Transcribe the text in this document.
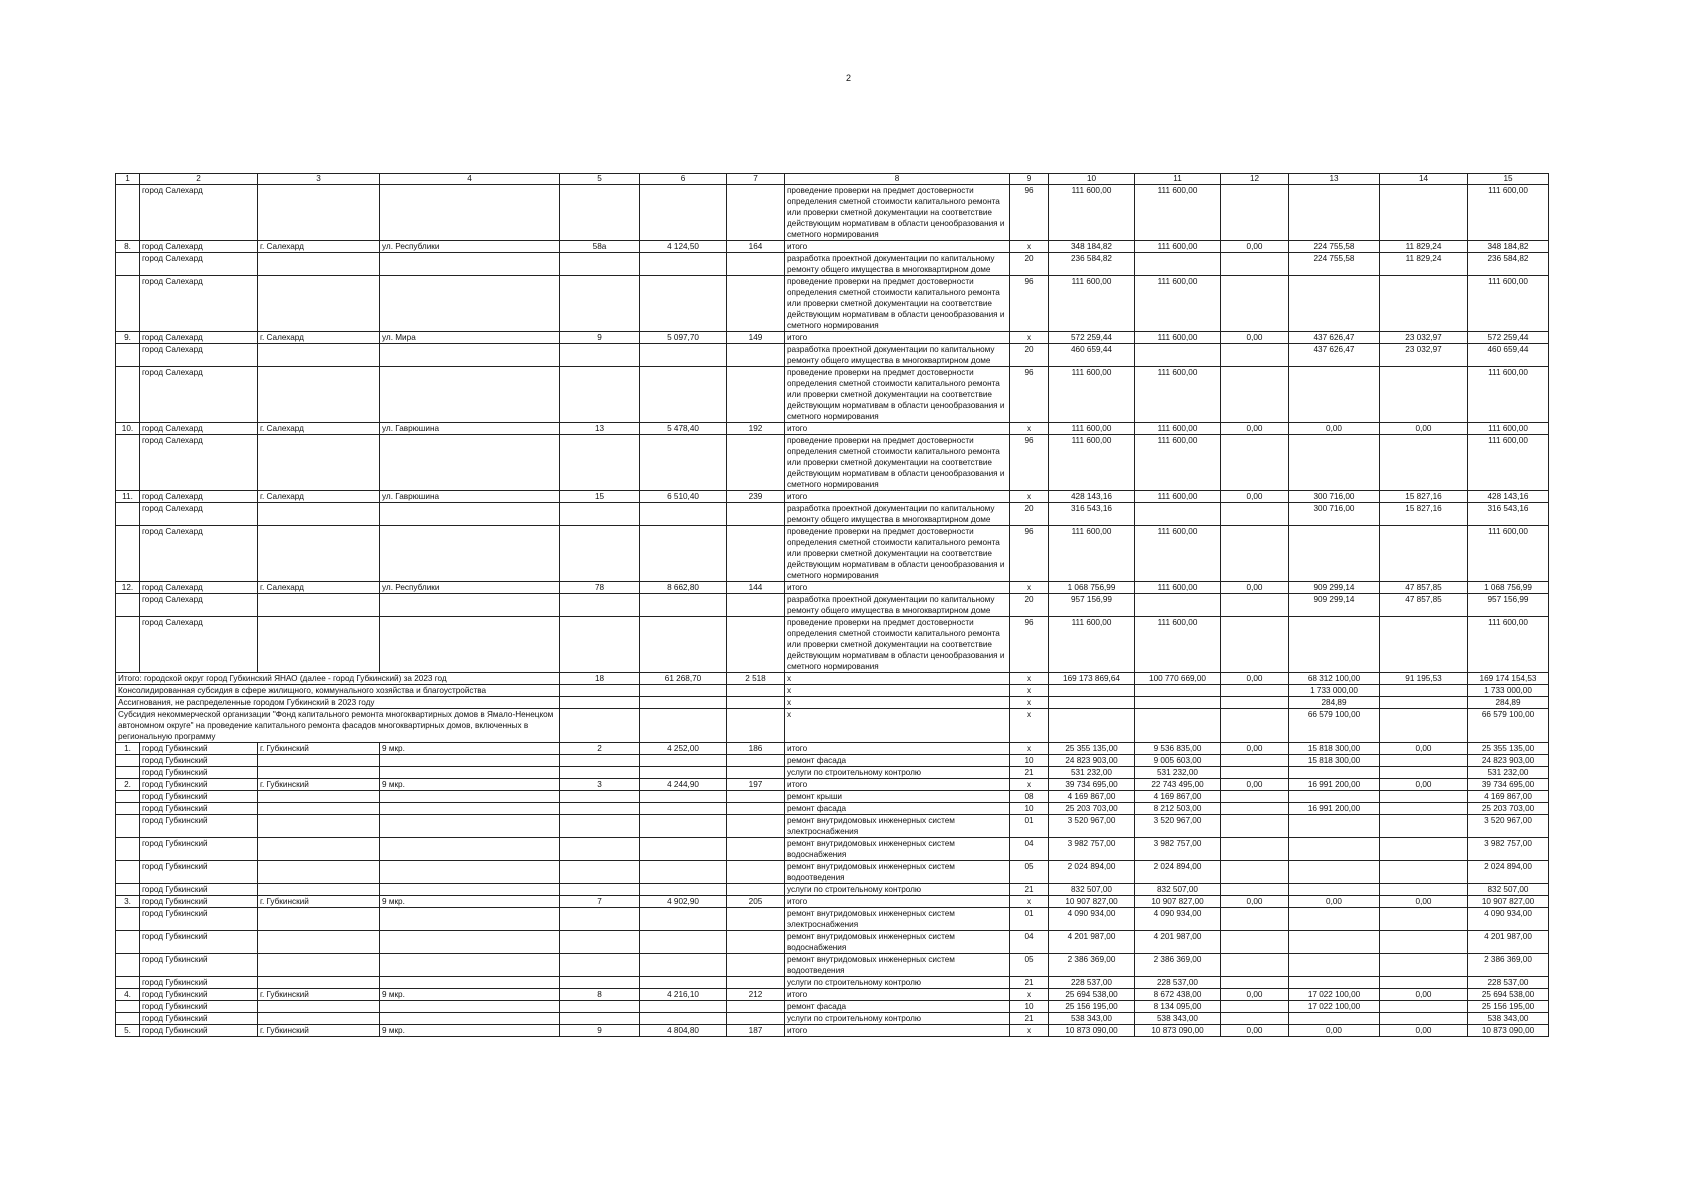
2
1	2	3	4	5	6	7	8	9	10	11	12	13	14	15
	город Салехард						проведение проверки на предмет достоверности определения сметной стоимости капитального ремонта или проверки сметной документации на соответствие действующим нормативам в области ценообразования и сметного нормирования	96	111 600,00	111 600,00				111 600,00
8.	город Салехард	г. Салехард	ул. Республики	58а	4 124,50	164	итого	х	348 184,82	111 600,00	0,00	224 755,58	11 829,24	348 184,82
	город Салехард						разработка проектной документации по капитальному ремонту общего имущества в многоквартирном доме	20	236 584,82			224 755,58	11 829,24	236 584,82
	город Салехард						проведение проверки на предмет достоверности определения сметной стоимости капитального ремонта или проверки сметной документации на соответствие действующим нормативам в области ценообразования и сметного нормирования	96	111 600,00	111 600,00				111 600,00
9.	город Салехард	г. Салехард	ул. Мира	9	5 097,70	149	итого	х	572 259,44	111 600,00	0,00	437 626,47	23 032,97	572 259,44
	город Салехард						разработка проектной документации по капитальному ремонту общего имущества в многоквартирном доме	20	460 659,44			437 626,47	23 032,97	460 659,44
	город Салехард						проведение проверки на предмет достоверности определения сметной стоимости капитального ремонта или проверки сметной документации на соответствие действующим нормативам в области ценообразования и сметного нормирования	96	111 600,00	111 600,00				111 600,00
10.	город Салехард	г. Салехард	ул. Гаврюшина	13	5 478,40	192	итого	х	111 600,00	111 600,00	0,00	0,00	0,00	111 600,00
	город Салехард						проведение проверки на предмет достоверности определения сметной стоимости капитального ремонта или проверки сметной документации на соответствие действующим нормативам в области ценообразования и сметного нормирования	96	111 600,00	111 600,00				111 600,00
11.	город Салехард	г. Салехард	ул. Гаврюшина	15	6 510,40	239	итого	х	428 143,16	111 600,00	0,00	300 716,00	15 827,16	428 143,16
	город Салехард						разработка проектной документации по капитальному ремонту общего имущества в многоквартирном доме	20	316 543,16			300 716,00	15 827,16	316 543,16
	город Салехард						проведение проверки на предмет достоверности определения сметной стоимости капитального ремонта или проверки сметной документации на соответствие действующим нормативам в области ценообразования и сметного нормирования	96	111 600,00	111 600,00				111 600,00
12.	город Салехард	г. Салехард	ул. Республики	78	8 662,80	144	итого	х	1 068 756,99	111 600,00	0,00	909 299,14	47 857,85	1 068 756,99
	город Салехард						разработка проектной документации по капитальному ремонту общего имущества в многоквартирном доме	20	957 156,99			909 299,14	47 857,85	957 156,99
	город Салехард						проведение проверки на предмет достоверности определения сметной стоимости капитального ремонта или проверки сметной документации на соответствие действующим нормативам в области ценообразования и сметного нормирования	96	111 600,00	111 600,00				111 600,00
Итого: городской округ город Губкинский ЯНАО (далее - город Губкинский) за 2023 год				18	61 268,70	2 518	х	х	169 173 869,64	100 770 669,00	0,00	68 312 100,00	91 195,53	169 174 154,53
Консолидированная субсидия в сфере жилищного, коммунального хозяйства и благоустройства							х	х				1 733 000,00		1 733 000,00
Ассигнования, не распределенные городом Губкинский в 2023 году							х	х				284,89		284,89
Субсидия некоммерческой организации "Фонд капитального ремонта многоквартирных домов в Ямало-Ненецком автономном округе" на проведение капитального ремонта фасадов многоквартирных домов, включенных в региональную программу							х	х				66 579 100,00		66 579 100,00
1.	город Губкинский	г. Губкинский	9 мкр.	2	4 252,00	186	итого	х	25 355 135,00	9 536 835,00	0,00	15 818 300,00	0,00	25 355 135,00
	город Губкинский						ремонт фасада	10	24 823 903,00	9 005 603,00		15 818 300,00		24 823 903,00
	город Губкинский						услуги по строительному контролю	21	531 232,00	531 232,00				531 232,00
2.	город Губкинский	г. Губкинский	9 мкр.	3	4 244,90	197	итого	х	39 734 695,00	22 743 495,00	0,00	16 991 200,00	0,00	39 734 695,00
	город Губкинский						ремонт крыши	08	4 169 867,00	4 169 867,00				4 169 867,00
	город Губкинский						ремонт фасада	10	25 203 703,00	8 212 503,00		16 991 200,00		25 203 703,00
	город Губкинский						ремонт внутридомовых инженерных систем электроснабжения	01	3 520 967,00	3 520 967,00				3 520 967,00
	город Губкинский						ремонт внутридомовых инженерных систем водоснабжения	04	3 982 757,00	3 982 757,00				3 982 757,00
	город Губкинский						ремонт внутридомовых инженерных систем водоотведения	05	2 024 894,00	2 024 894,00				2 024 894,00
	город Губкинский						услуги по строительному контролю	21	832 507,00	832 507,00				832 507,00
3.	город Губкинский	г. Губкинский	9 мкр.	7	4 902,90	205	итого	х	10 907 827,00	10 907 827,00	0,00	0,00	0,00	10 907 827,00
	город Губкинский						ремонт внутридомовых инженерных систем электроснабжения	01	4 090 934,00	4 090 934,00				4 090 934,00
	город Губкинский						ремонт внутридомовых инженерных систем водоснабжения	04	4 201 987,00	4 201 987,00				4 201 987,00
	город Губкинский						ремонт внутридомовых инженерных систем водоотведения	05	2 386 369,00	2 386 369,00				2 386 369,00
	город Губкинский						услуги по строительному контролю	21	228 537,00	228 537,00				228 537,00
4.	город Губкинский	г. Губкинский	9 мкр.	8	4 216,10	212	итого	х	25 694 538,00	8 672 438,00	0,00	17 022 100,00	0,00	25 694 538,00
	город Губкинский						ремонт фасада	10	25 156 195,00	8 134 095,00		17 022 100,00		25 156 195,00
	город Губкинский						услуги по строительному контролю	21	538 343,00	538 343,00				538 343,00
5.	город Губкинский	г. Губкинский	9 мкр.	9	4 804,80	187	итого	х	10 873 090,00	10 873 090,00	0,00	0,00	0,00	10 873 090,00
